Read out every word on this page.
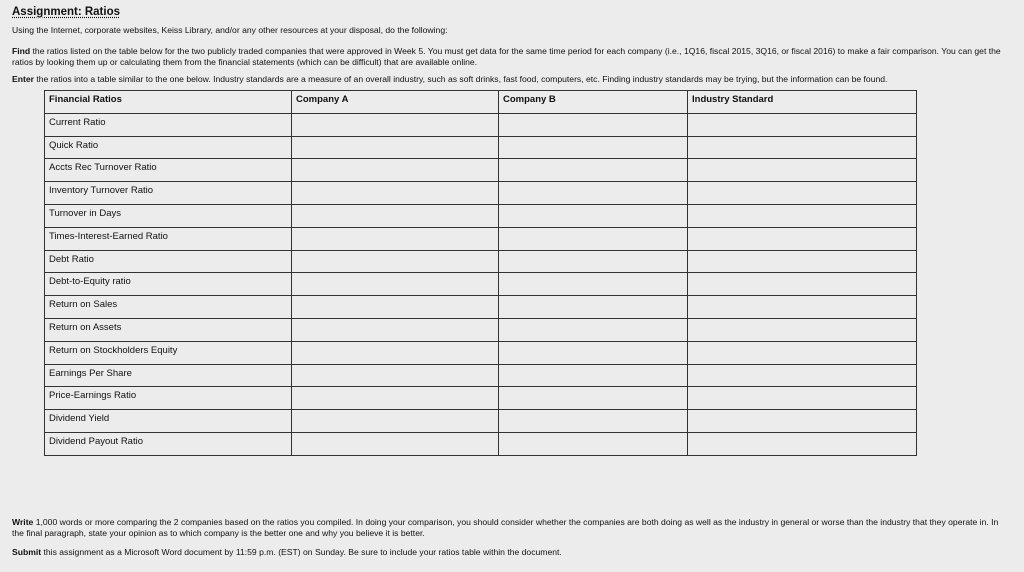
Assignment: Ratios

Using the Internet, corporate websites, Keiss Library, and/or any other resources at your disposal, do the following:

Find the ratios listed on the table below for the two publicly traded companies that were approved in Week 5. You must get data for the same time period for each company (i.e., 1Q16, fiscal 2015, 3Q16, or fiscal 2016) to make a fair comparison. You can get the ratios by looking them up or calculating them from the financial statements (which can be difficult) that are available online.

Enter the ratios into a table similar to the one below. Industry standards are a measure of an overall industry, such as soft drinks, fast food, computers, etc. Finding industry standards may be trying, but the information can be found.

Financial Ratios	Company A	Company B	Industry Standard
Current Ratio			
Quick Ratio			
Accts Rec Turnover Ratio			
Inventory Turnover Ratio			
Turnover in Days			
Times-Interest-Earned Ratio			
Debt Ratio			
Debt-to-Equity ratio			
Return on Sales			
Return on Assets			
Return on Stockholders Equity			
Earnings Per Share			
Price-Earnings Ratio			
Dividend Yield			
Dividend Payout Ratio			

Write 1,000 words or more comparing the 2 companies based on the ratios you compiled. In doing your comparison, you should consider whether the companies are both doing as well as the industry in general or worse than the industry that they operate in. In the final paragraph, state your opinion as to which company is the better one and why you believe it is better.

Submit this assignment as a Microsoft Word document by 11:59 p.m. (EST) on Sunday. Be sure to include your ratios table within the document.
